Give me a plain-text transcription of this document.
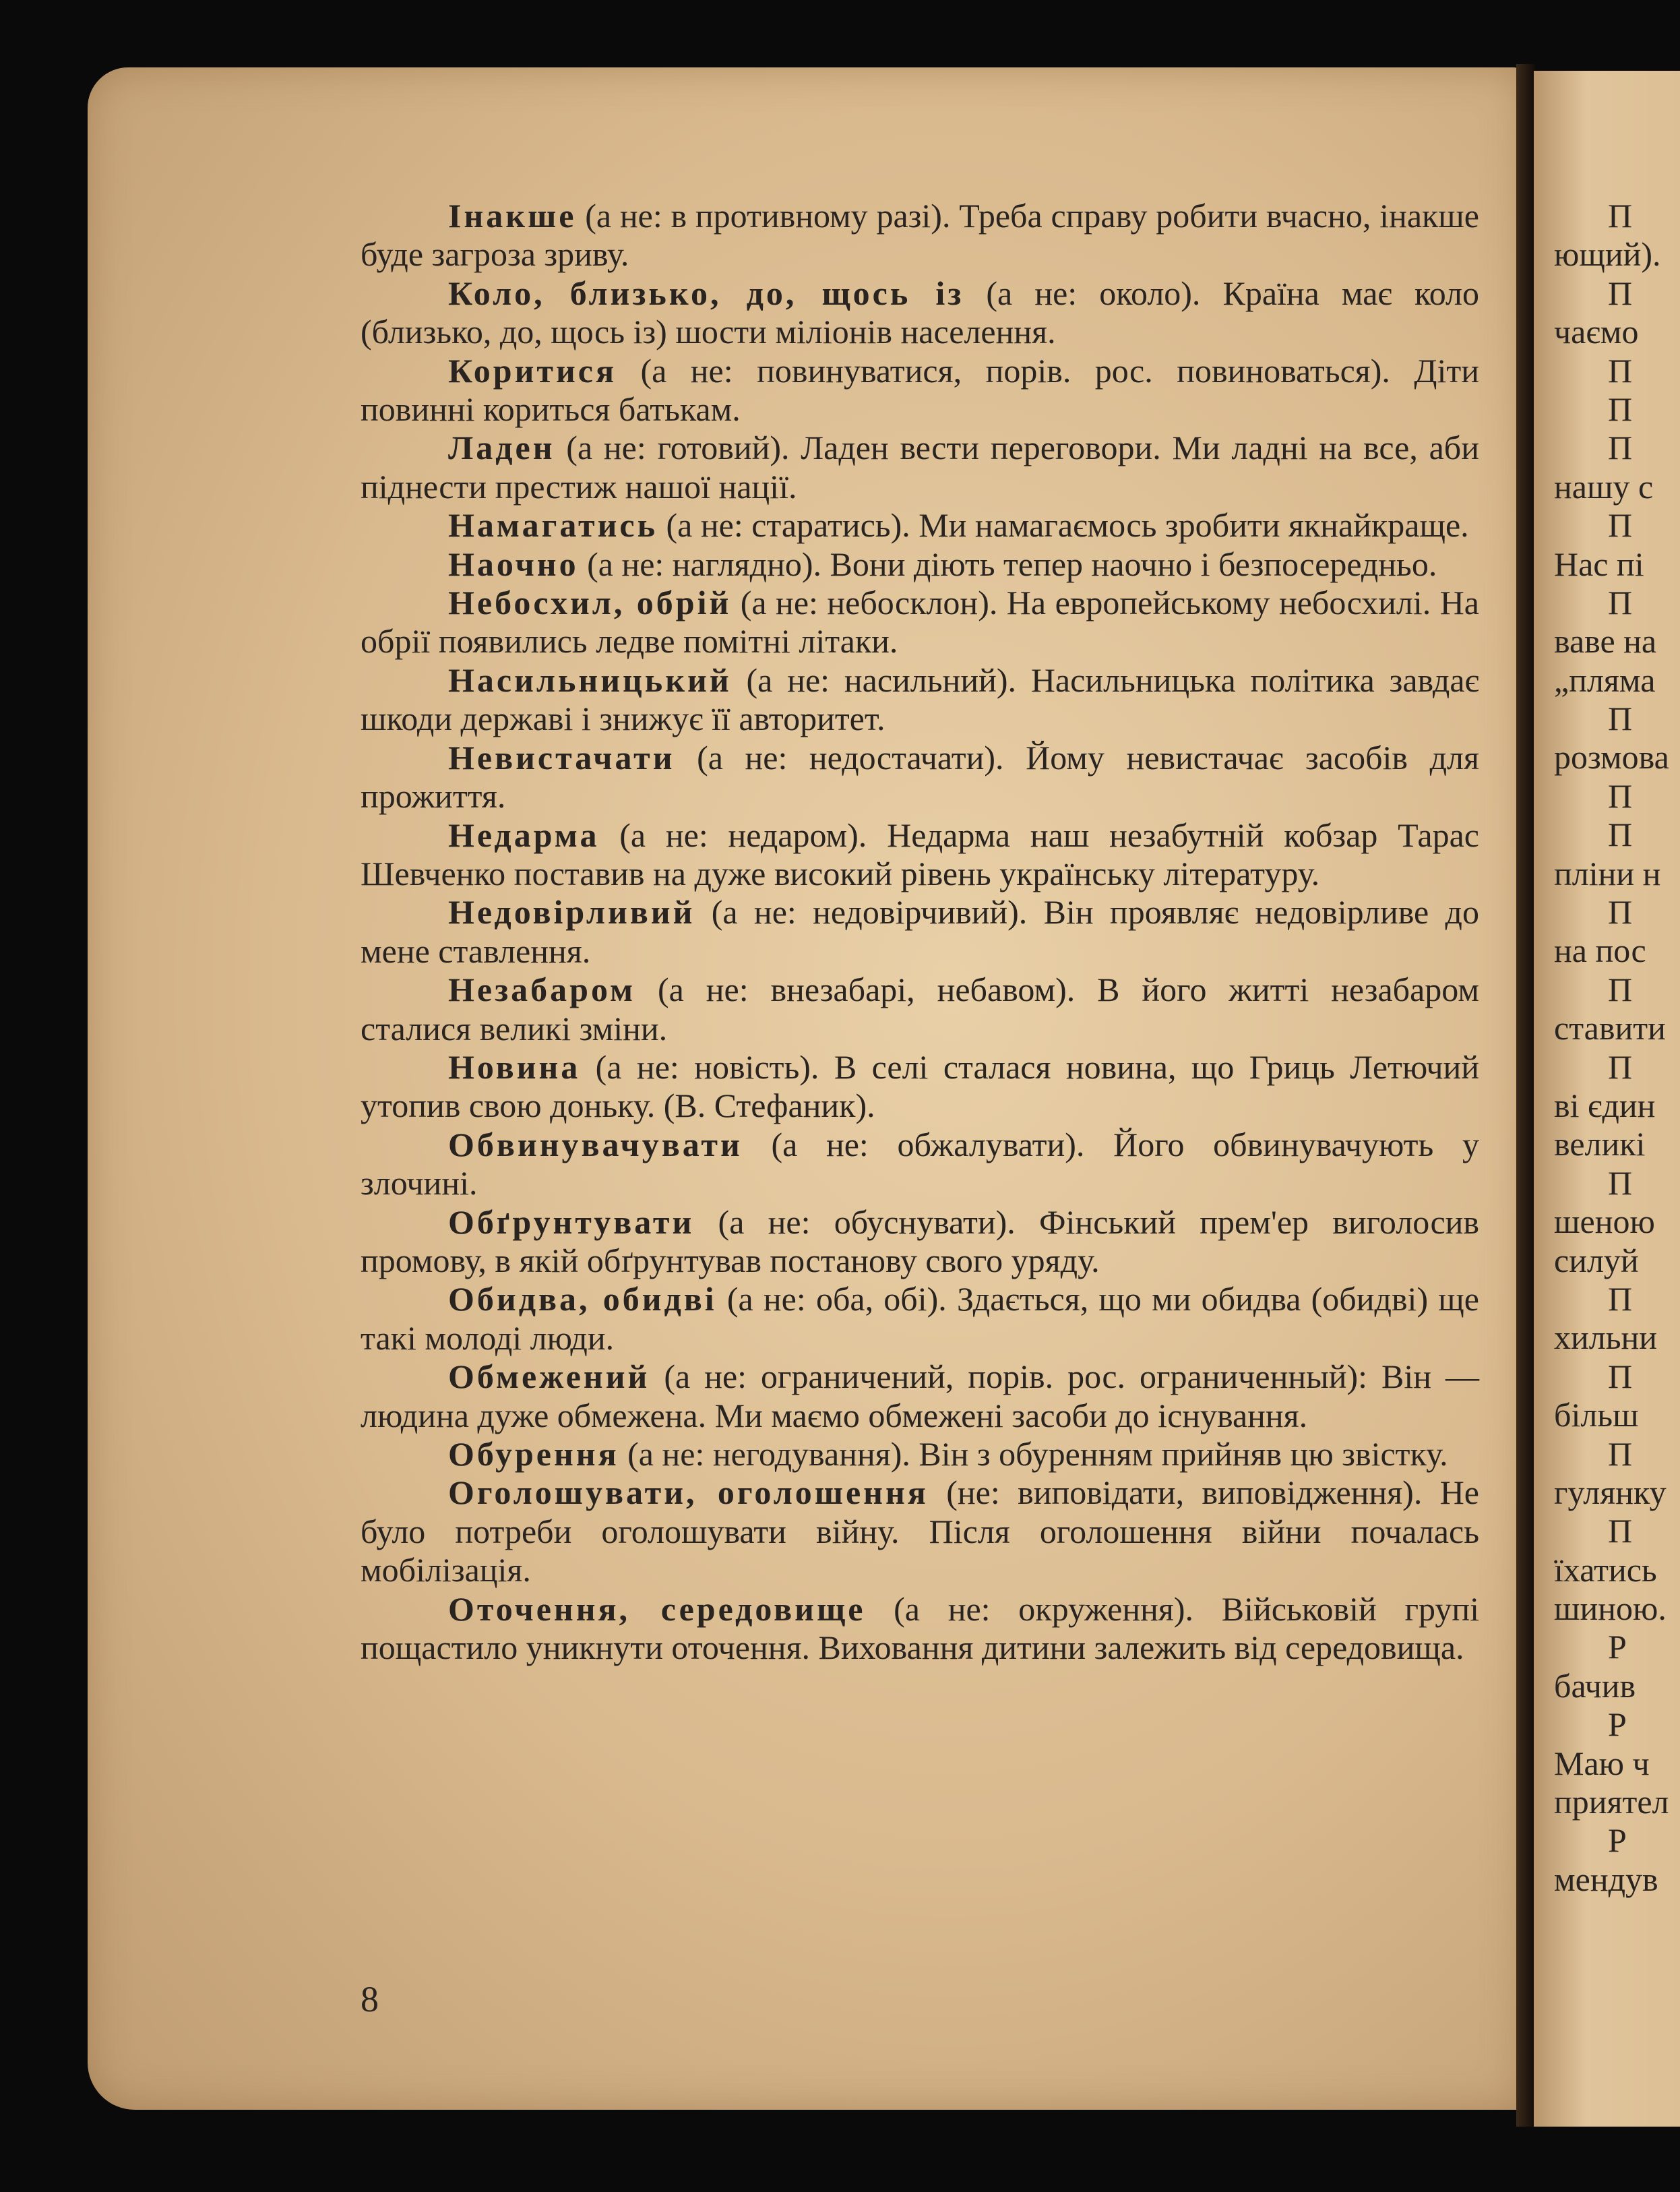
Інакше (а не: в противному разі). Треба справу робити вчасно, інакше буде загроза зриву.

Коло, близько, до, щось із (а не: около). Країна має коло (близько, до, щось із) шости міліонів населення.

Коритися (а не: повинуватися, порів. рос. повиноваться). Діти повинні кориться батькам.

Ладен (а не: готовий). Ладен вести переговори. Ми ладні на все, аби піднести престиж нашої нації.

Намагатись (а не: старатись). Ми намагаємось зробити якнайкраще.

Наочно (а не: наглядно). Вони діють тепер наочно і безпосередньо.

Небосхил, обрій (а не: небосклон). На европейському небосхилі. На обрії появились ледве помітні літаки.

Насильницький (а не: насильний). Насильницька політика завдає шкоди державі і знижує її авторитет.

Невистачати (а не: недостачати). Йому невистачає засобів для прожиття.

Недарма (а не: недаром). Недарма наш незабутній кобзар Тарас Шевченко поставив на дуже високий рівень українську літературу.

Недовірливий (а не: недовірчивий). Він проявляє недовірливе до мене ставлення.

Незабаром (а не: внезабарі, небавом). В його житті незабаром сталися великі зміни.

Новина (а не: новість). В селі сталася новина, що Гриць Летючий утопив свою доньку. (В. Стефаник).

Обвинувачувати (а не: обжалувати). Його обвинувачують у злочині.

Обґрунтувати (а не: обуснувати). Фінський прем'ер виголосив промову, в якій обґрунтував постанову свого уряду.

Обидва, обидві (а не: оба, обі). Здається, що ми обидва (обидві) ще такі молоді люди.

Обмежений (а не: ограничений, порів. рос. ограниченный): Він — людина дуже обмежена. Ми маємо обмежені засоби до існування.

Обурення (а не: негодування). Він з обуренням прийняв цю звістку.

Оголошувати, оголошення (не: виповідати, виповідження). Не було потреби оголошувати війну. Після оголошення війни почалась мобілізація.

Оточення, середовище (а не: окруження). Військовій групі пощастило уникнути оточення. Виховання дитини залежить від середовища.

8
П
ющий).
П
чаємо
П
П
П
нашу с
П
Нас пі
П
ваве на
„пляма
П
розмова
П
П
пліни н
П
на пос
П
ставити
П
ві єдин
великі
П
шеною
силуй
П
хильни
П
більш
П
гулянку
П
їхатись
шиною.
Р
бачив
Р
Маю ч
приятел
Р
мендув
